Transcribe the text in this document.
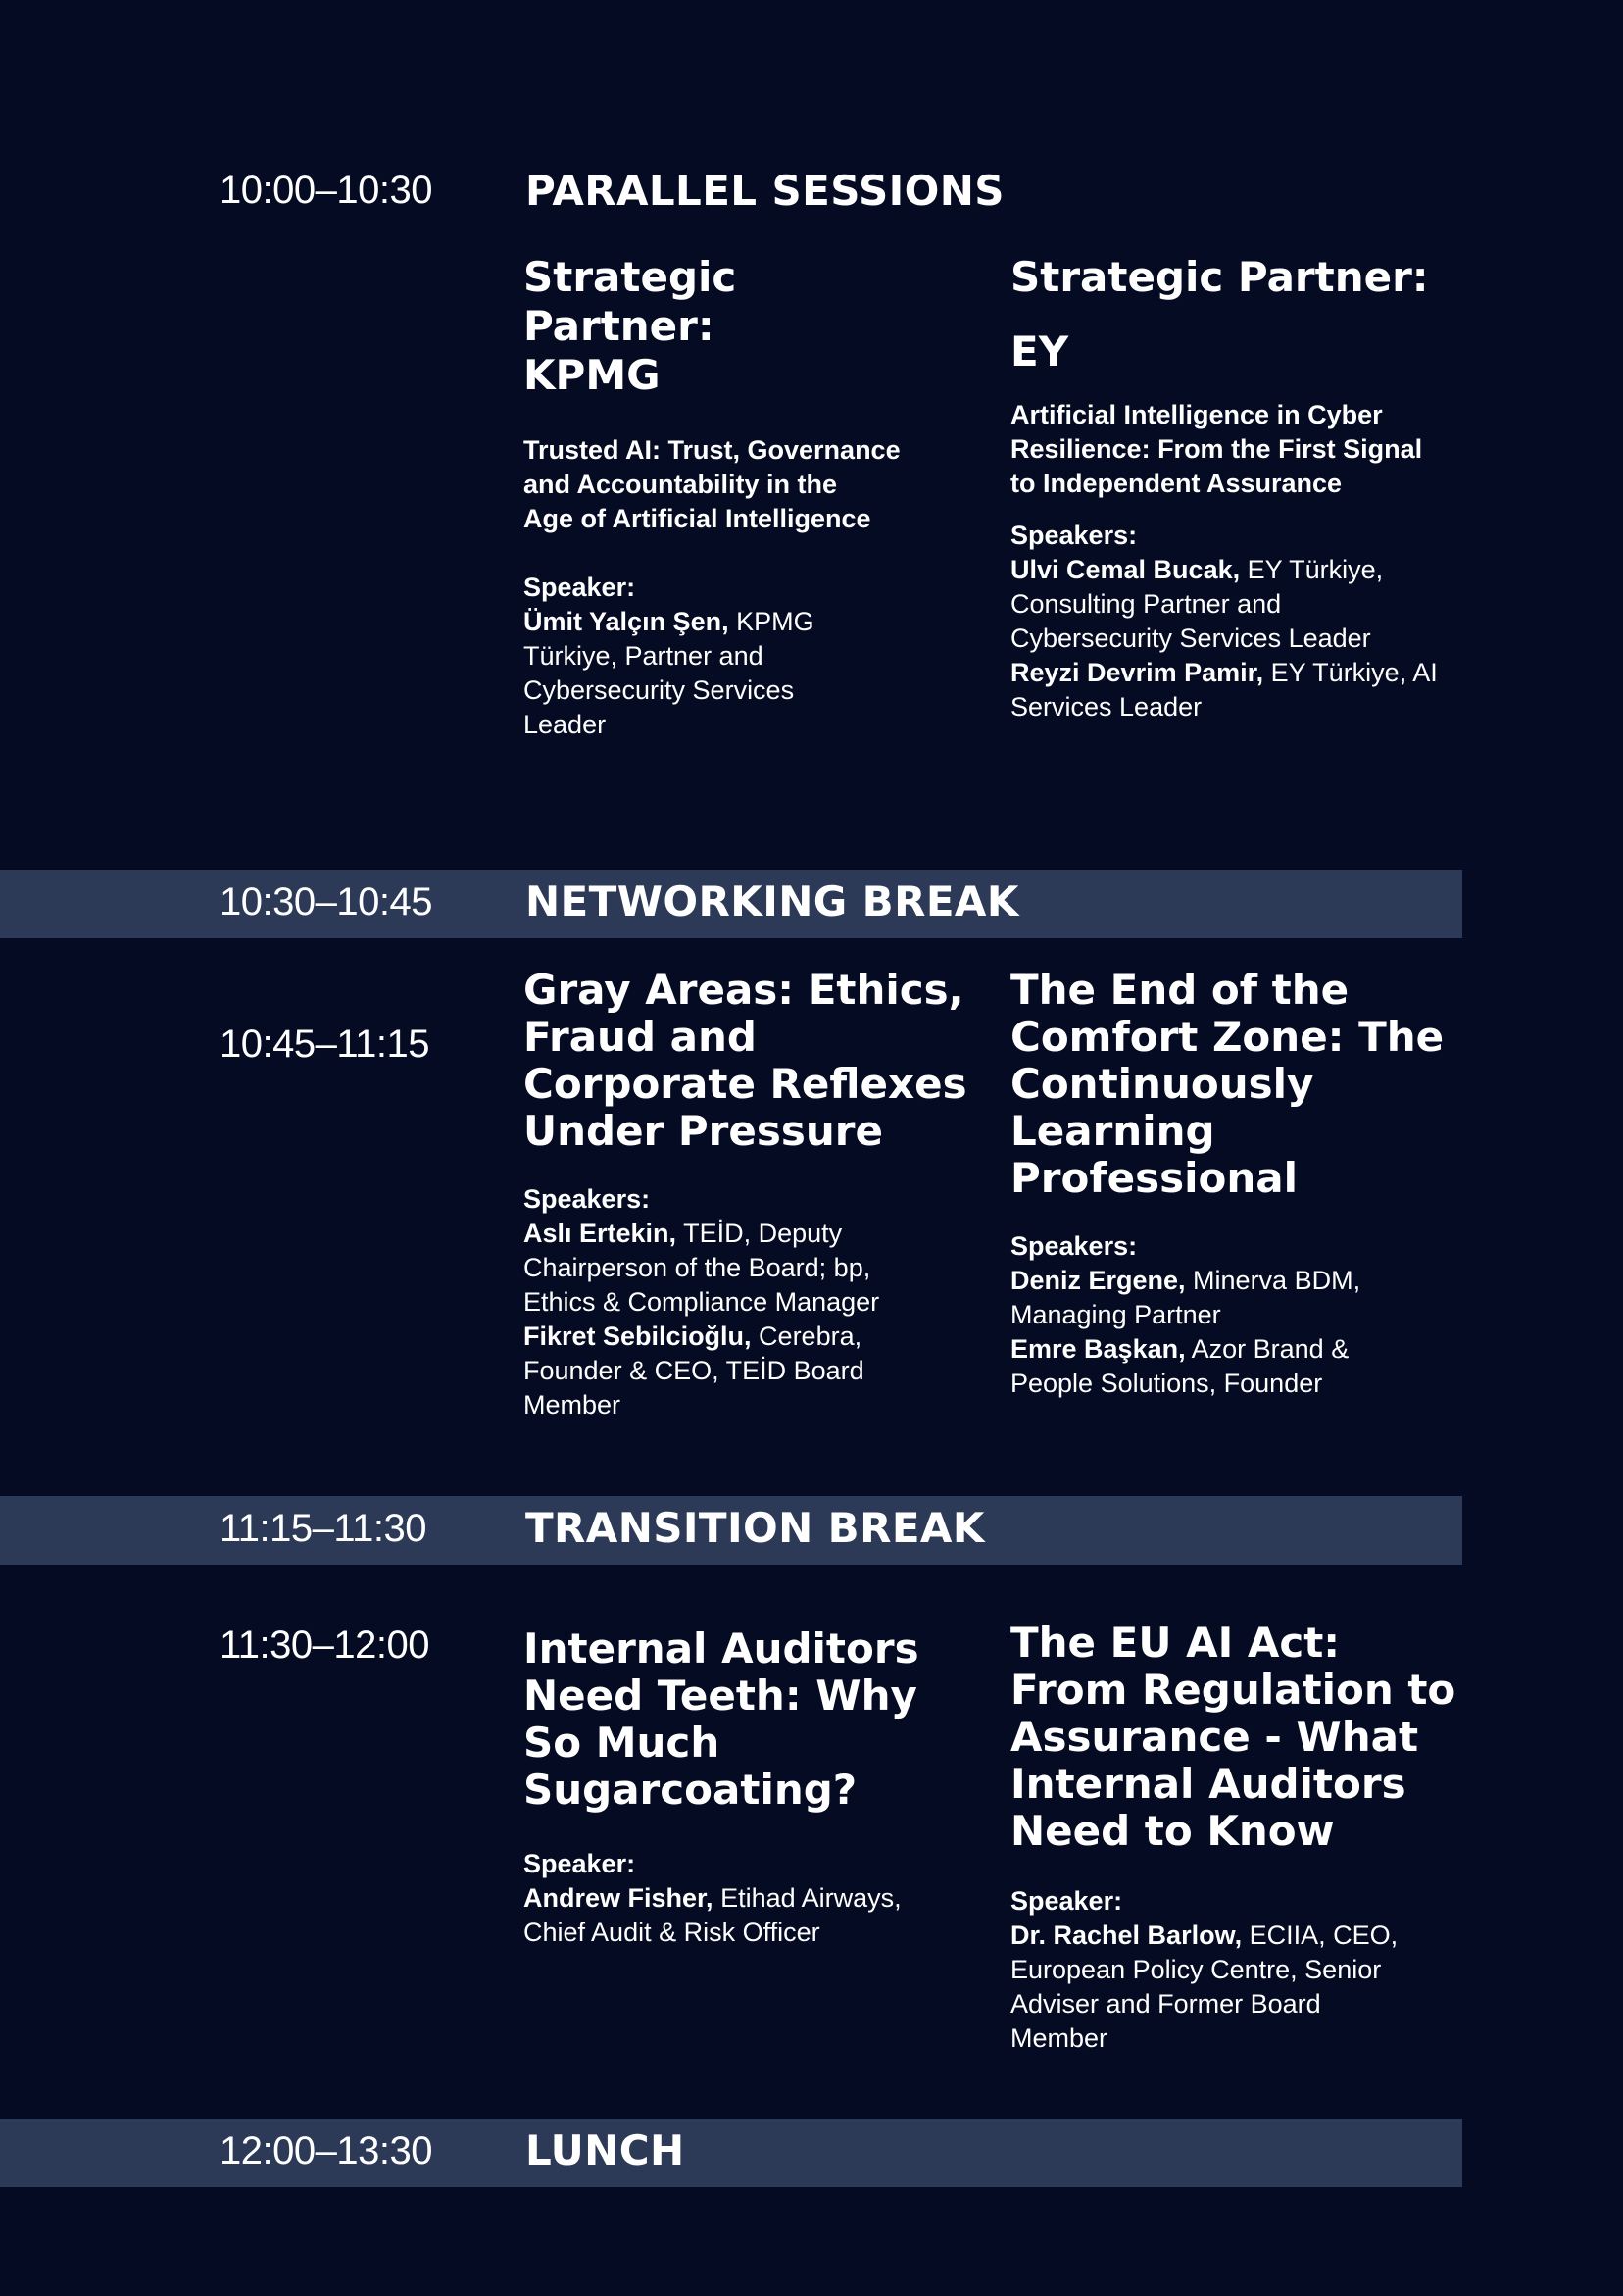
10:00–10:30 PARALLEL SESSIONS
Strategic
Partner:
KPMG
Trusted AI: Trust, Governance
and Accountability in the
Age of Artificial Intelligence
Speaker:
Ümit Yalçın Şen, KPMG
Türkiye, Partner and
Cybersecurity Services
Leader
Strategic Partner:
EY
Artificial Intelligence in Cyber
Resilience: From the First Signal
to Independent Assurance
Speakers:
Ulvi Cemal Bucak, EY Türkiye,
Consulting Partner and
Cybersecurity Services Leader
Reyzi Devrim Pamir, EY Türkiye, AI
Services Leader
10:30–10:45 NETWORKING BREAK
10:45–11:15
Gray Areas: Ethics,
Fraud and
Corporate Reflexes
Under Pressure
Speakers:
Aslı Ertekin, TEİD, Deputy
Chairperson of the Board; bp,
Ethics & Compliance Manager
Fikret Sebilcioğlu, Cerebra,
Founder & CEO, TEİD Board
Member
The End of the
Comfort Zone: The
Continuously
Learning
Professional
Speakers:
Deniz Ergene, Minerva BDM,
Managing Partner
Emre Başkan, Azor Brand &
People Solutions, Founder
11:15–11:30 TRANSITION BREAK
11:30–12:00 Internal Auditors
Need Teeth: Why
So Much
Sugarcoating?
Speaker:
Andrew Fisher, Etihad Airways,
Chief Audit & Risk Officer
The EU AI Act:
From Regulation to
Assurance - What
Internal Auditors
Need to Know
Speaker:
Dr. Rachel Barlow, ECIIA, CEO,
European Policy Centre, Senior
Adviser and Former Board
Member
12:00–13:30 LUNCH
